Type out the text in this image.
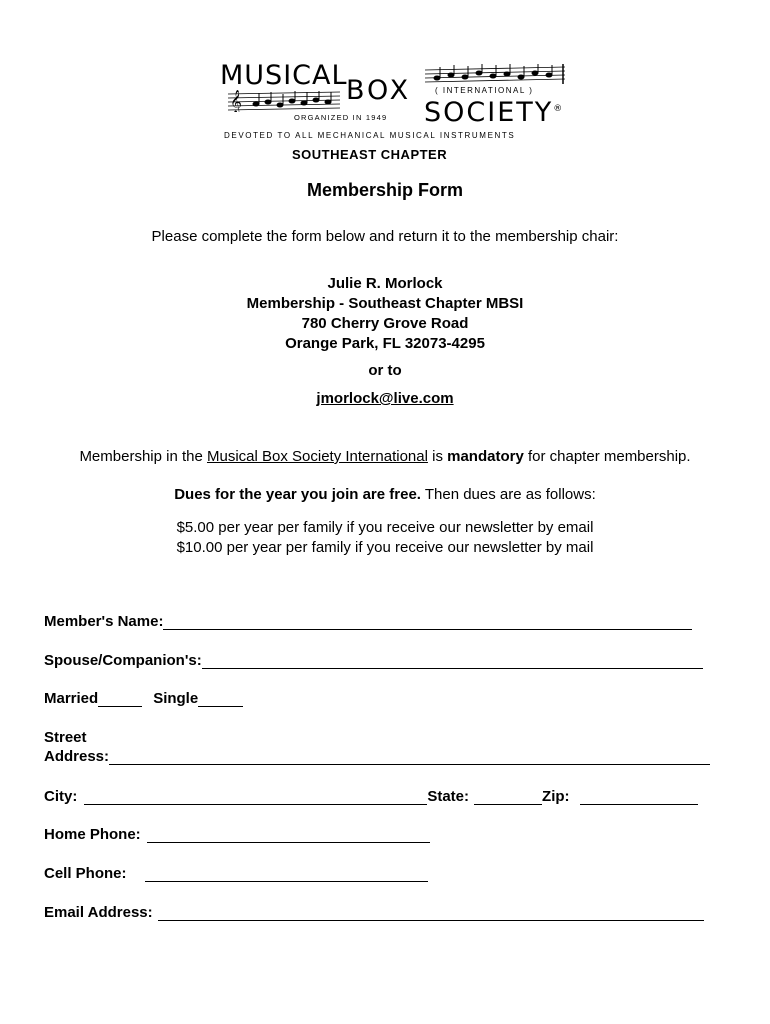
MUSICAL
𝄞	BOX	( INTERNATIONAL )
SOCIETY®
ORGANIZED IN 1949
DEVOTED TO ALL MECHANICAL MUSICAL INSTRUMENTS
SOUTHEAST CHAPTER
Membership Form
Please complete the form below and return it to the membership chair:
Julie R. Morlock
Membership - Southeast Chapter MBSI
780 Cherry Grove Road
Orange Park, FL 32073-4295
or to
jmorlock@live.com
Membership in the Musical Box Society International is mandatory for chapter membership.
Dues for the year you join are free. Then dues are as follows:
$5.00 per year per family if you receive our newsletter by email
$10.00 per year per family if you receive our newsletter by mail
Member's Name:
Spouse/Companion's:
Married	Single
Street
Address:
City:	State:	Zip:
Home Phone:
Cell Phone:
Email Address:
